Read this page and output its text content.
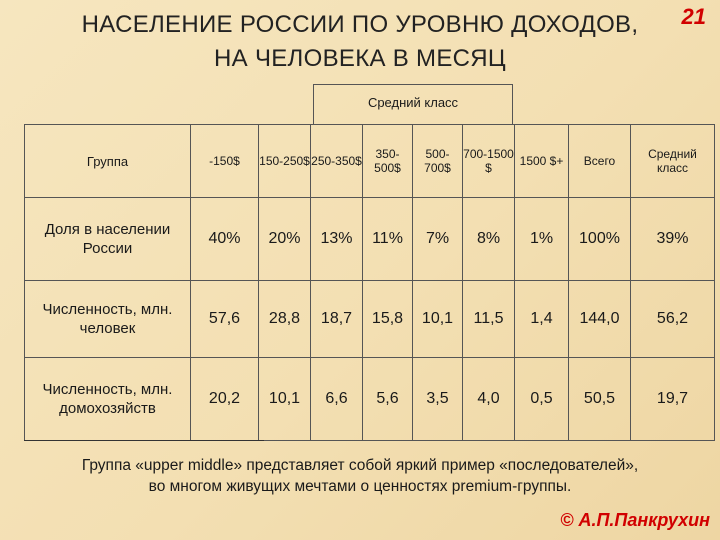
НАСЕЛЕНИЕ РОССИИ ПО УРОВНЮ ДОХОДОВ,
НА ЧЕЛОВЕКА В МЕСЯЦ
21
Средний класс
Группа	-150$	150-250$	250-350$	350-500$	500-700$	700-1500 $	1500 $+	Всего	Средний класс
Доля в населении России	40%	20%	13%	11%	7%	8%	1%	100%	39%
Численность, млн. человек	57,6	28,8	18,7	15,8	10,1	11,5	1,4	144,0	56,2
Численность, млн. домохозяйств	20,2	10,1	6,6	5,6	3,5	4,0	0,5	50,5	19,7
Группа «upper middle» представляет собой яркий пример «последователей»,
во многом живущих мечтами о ценностях premium-группы.
© А.П.Панкрухин
